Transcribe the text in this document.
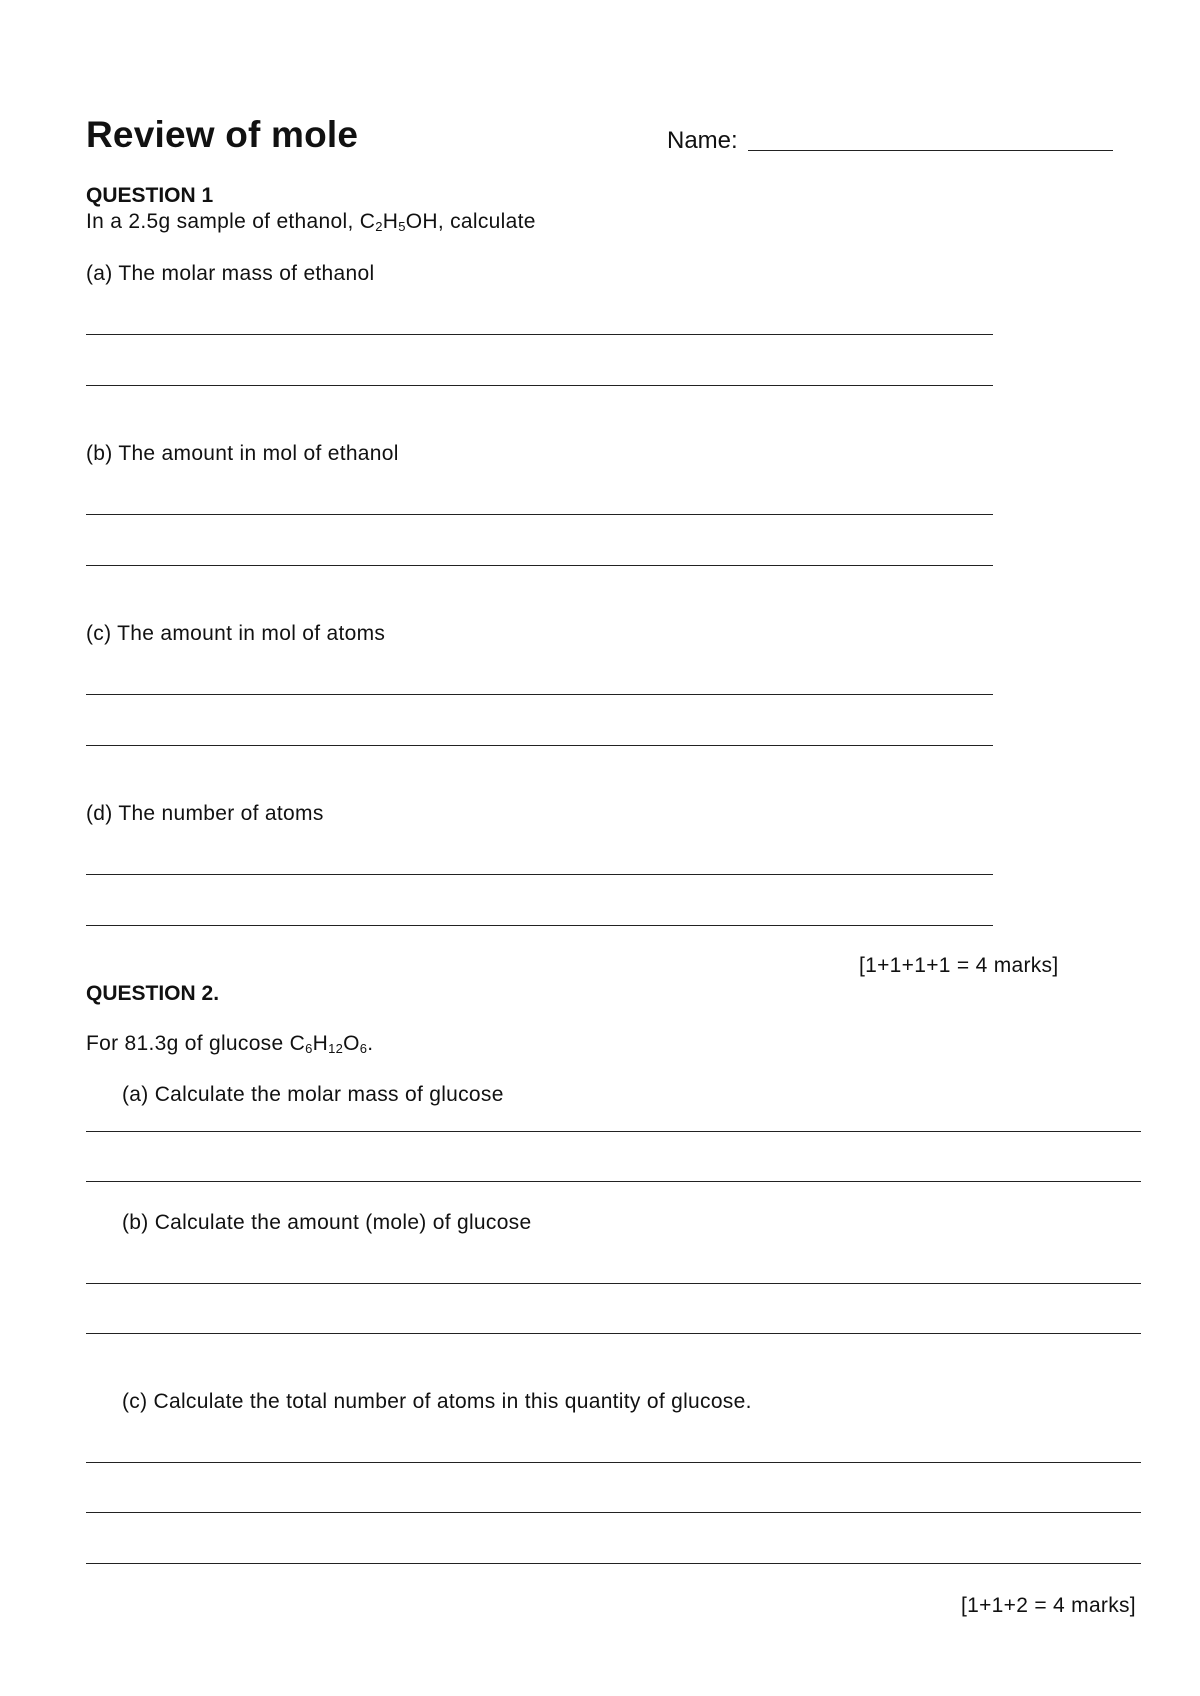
Review of mole	Name:
QUESTION 1
In a 2.5g sample of ethanol, $C_2H_5OH$, calculate
(a) The molar mass of ethanol
(b) The amount in mol of ethanol
(c) The amount in mol of atoms
(d) The number of atoms
[1+1+1+1 = 4 marks]
QUESTION 2.
For 81.3g of glucose $C_6H_{12}O_6$.
(a) Calculate the molar mass of glucose
(b) Calculate the amount (mole) of glucose
(c) Calculate the total number of atoms in this quantity of glucose.
[1+1+2 = 4 marks]
